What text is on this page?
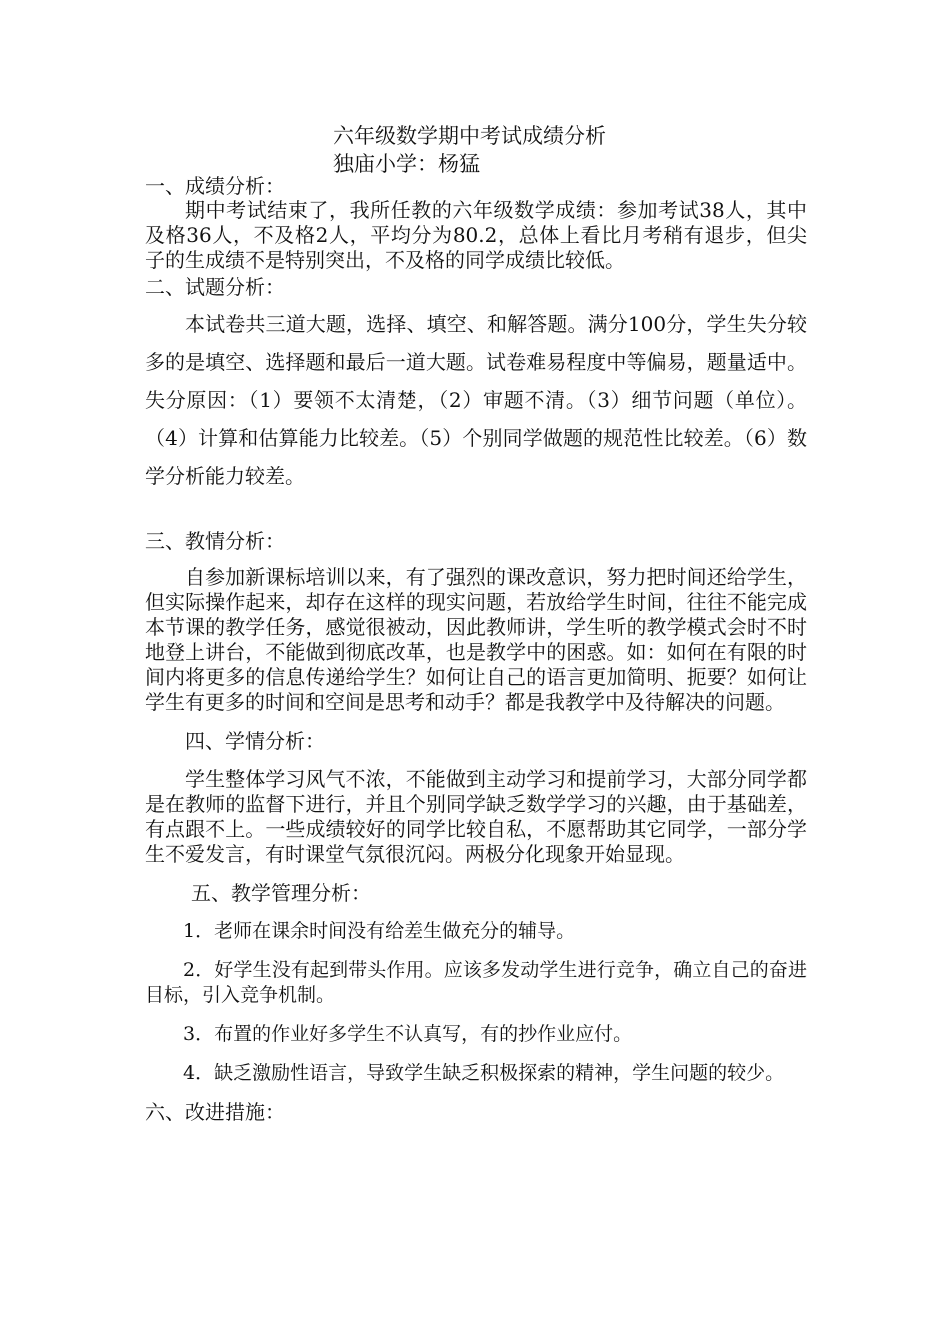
六年级数学期中考试成绩分析
独庙小学：杨猛
一、成绩分析：

期中考试结束了，我所任教的六年级数学成绩：参加考试38人，其中及格36人，不及格2人，平均分为80.2，总体上看比月考稍有退步，但尖子的生成绩不是特别突出，不及格的同学成绩比较低。

二、试题分析：

本试卷共三道大题，选择、填空、和解答题。满分100分，学生失分较多的是填空、选择题和最后一道大题。试卷难易程度中等偏易，题量适中。失分原因：（1）要领不太清楚，（2）审题不清。（3）细节问题（单位）。（4）计算和估算能力比较差。（5）个别同学做题的规范性比较差。（6）数学分析能力较差。

三、教情分析：

自参加新课标培训以来，有了强烈的课改意识，努力把时间还给学生，但实际操作起来，却存在这样的现实问题，若放给学生时间，往往不能完成本节课的教学任务，感觉很被动，因此教师讲，学生听的教学模式会时不时地登上讲台，不能做到彻底改革，也是教学中的困惑。如：如何在有限的时间内将更多的信息传递给学生？如何让自己的语言更加简明、扼要？如何让学生有更多的时间和空间是思考和动手？都是我教学中及待解决的问题。

四、学情分析：

学生整体学习风气不浓，不能做到主动学习和提前学习，大部分同学都是在教师的监督下进行，并且个别同学缺乏数学学习的兴趣，由于基础差，有点跟不上。一些成绩较好的同学比较自私，不愿帮助其它同学，一部分学生不爱发言，有时课堂气氛很沉闷。两极分化现象开始显现。

五、教学管理分析：

1．老师在课余时间没有给差生做充分的辅导。

2．好学生没有起到带头作用。应该多发动学生进行竞争，确立自己的奋进目标，引入竞争机制。

3．布置的作业好多学生不认真写，有的抄作业应付。

4．缺乏激励性语言，导致学生缺乏积极探索的精神，学生问题的较少。

六、改进措施：
